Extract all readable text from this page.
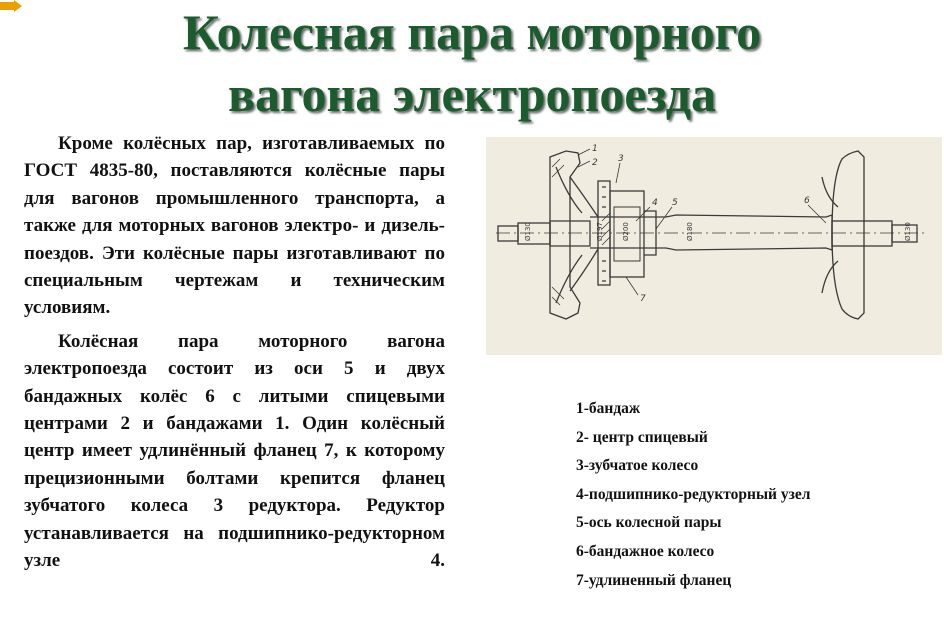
Колесная пара моторного
вагона электропоезда

Кроме колёсных пар, изготавливаемых по ГОСТ 4835-80, поставляются колёсные пары для вагонов промышленного транспорта, а также для моторных вагонов электро- и дизель-поездов. Эти колёсные пары изготавливают по специальным чертежам и техническим условиям.

Колёсная пара моторного вагона электропоезда состоит из оси 5 и двух бандажных колёс 6 с литыми спицевыми центрами 2 и бандажами 1. Один колёсный центр имеет удлинённый фланец 7, к которому прецизионными болтами крепится фланец зубчатого колеса 3 редуктора. Редуктор устанавливается на подшипнико-редукторном узле 4.

1
2 3
4 5	6
7
Ø130	Ø197	Ø200	Ø180	Ø130
1-бандаж
2- центр спицевый
3-зубчатое колесо
4-подшипнико-редукторный узел
5-ось колесной пары
6-бандажное колесо
7-удлиненный фланец
